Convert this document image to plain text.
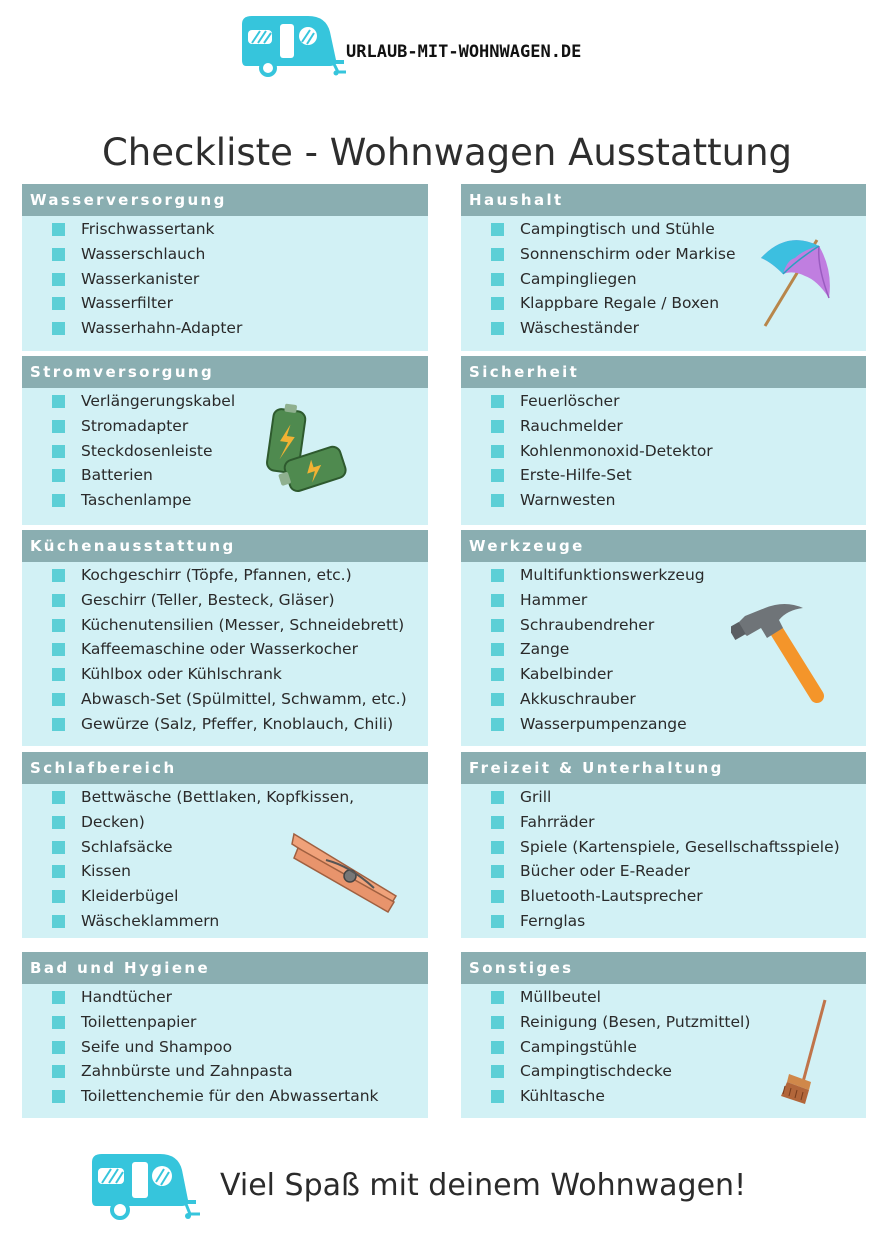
URLAUB-MIT-WOHNWAGEN.DE
Checkliste - Wohnwagen Ausstattung
Wasserversorgung
Frischwassertank
Wasserschlauch
Wasserkanister
Wasserfilter
Wasserhahn-Adapter
Haushalt
Campingtisch und Stühle
Sonnenschirm oder Markise
Campingliegen
Klappbare Regale / Boxen
Wäscheständer
Stromversorgung
Verlängerungskabel
Stromadapter
Steckdosenleiste
Batterien
Taschenlampe
Sicherheit
Feuerlöscher
Rauchmelder
Kohlenmonoxid-Detektor
Erste-Hilfe-Set
Warnwesten
Küchenausstattung
Kochgeschirr (Töpfe, Pfannen, etc.)
Geschirr (Teller, Besteck, Gläser)
Küchenutensilien (Messer, Schneidebrett)
Kaffeemaschine oder Wasserkocher
Kühlbox oder Kühlschrank
Abwasch-Set (Spülmittel, Schwamm, etc.)
Gewürze (Salz, Pfeffer, Knoblauch, Chili)
Werkzeuge
Multifunktionswerkzeug
Hammer
Schraubendreher
Zange
Kabelbinder
Akkuschrauber
Wasserpumpenzange
Schlafbereich
Bettwäsche (Bettlaken, Kopfkissen,
Decken)
Schlafsäcke
Kissen
Kleiderbügel
Wäscheklammern
Freizeit & Unterhaltung
Grill
Fahrräder
Spiele (Kartenspiele, Gesellschaftsspiele)
Bücher oder E-Reader
Bluetooth-Lautsprecher
Fernglas
Bad und Hygiene
Handtücher
Toilettenpapier
Seife und Shampoo
Zahnbürste und Zahnpasta
Toilettenchemie für den Abwassertank
Sonstiges
Müllbeutel
Reinigung (Besen, Putzmittel)
Campingstühle
Campingtischdecke
Kühltasche
Viel Spaß mit deinem Wohnwagen!
